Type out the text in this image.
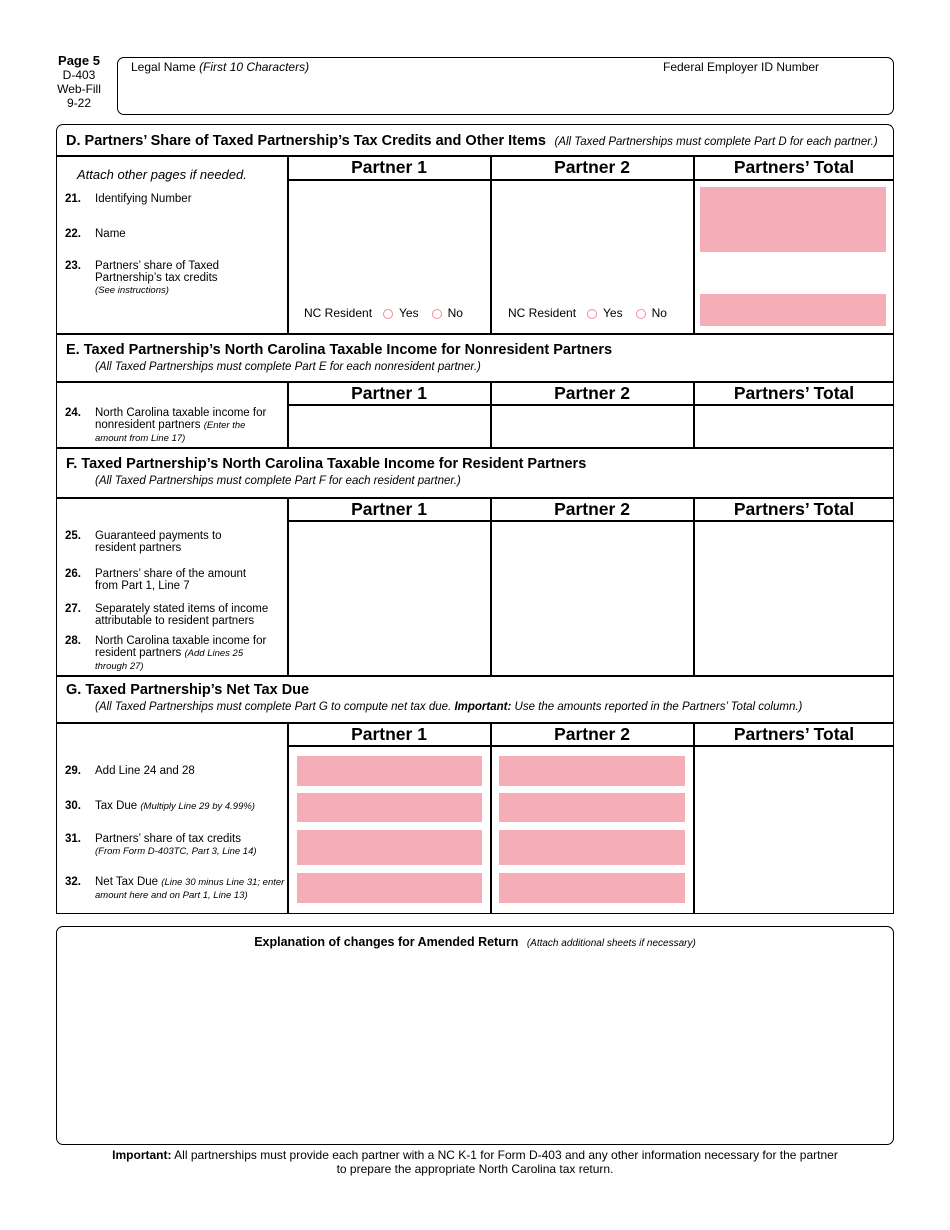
Page 5
D-403
Web-Fill
9-22
Legal Name (First 10 Characters)	Federal Employer ID Number
D. Partners’ Share of Taxed Partnership’s Tax Credits and Other Items (All Taxed Partnerships must complete Part D for each partner.)
Attach other pages if needed.	Partner 1	Partner 2	Partners’ Total
21. Identifying Number
22. Name
23. Partners’ share of Taxed Partnership’s tax credits
(See instructions)
NC Resident Yes No	NC Resident Yes No
E. Taxed Partnership’s North Carolina Taxable Income for Nonresident Partners
(All Taxed Partnerships must complete Part E for each nonresident partner.)
Partner 1	Partner 2	Partners’ Total
24. North Carolina taxable income for nonresident partners (Enter the amount from Line 17)
F. Taxed Partnership’s North Carolina Taxable Income for Resident Partners
(All Taxed Partnerships must complete Part F for each resident partner.)
Partner 1	Partner 2	Partners’ Total
25. Guaranteed payments to resident partners
26. Partners’ share of the amount from Part 1, Line 7
27. Separately stated items of income attributable to resident partners
28. North Carolina taxable income for resident partners (Add Lines 25 through 27)
G. Taxed Partnership’s Net Tax Due
(All Taxed Partnerships must complete Part G to compute net tax due. Important: Use the amounts reported in the Partners’ Total column.)
Partner 1	Partner 2	Partners’ Total
29. Add Line 24 and 28
30. Tax Due (Multiply Line 29 by 4.99%)
31. Partners’ share of tax credits
(From Form D-403TC, Part 3, Line 14)
32. Net Tax Due (Line 30 minus Line 31; enter amount here and on Part 1, Line 13)
Explanation of changes for Amended Return (Attach additional sheets if necessary)
Important: All partnerships must provide each partner with a NC K-1 for Form D-403 and any other information necessary for the partner to prepare the appropriate North Carolina tax return.
